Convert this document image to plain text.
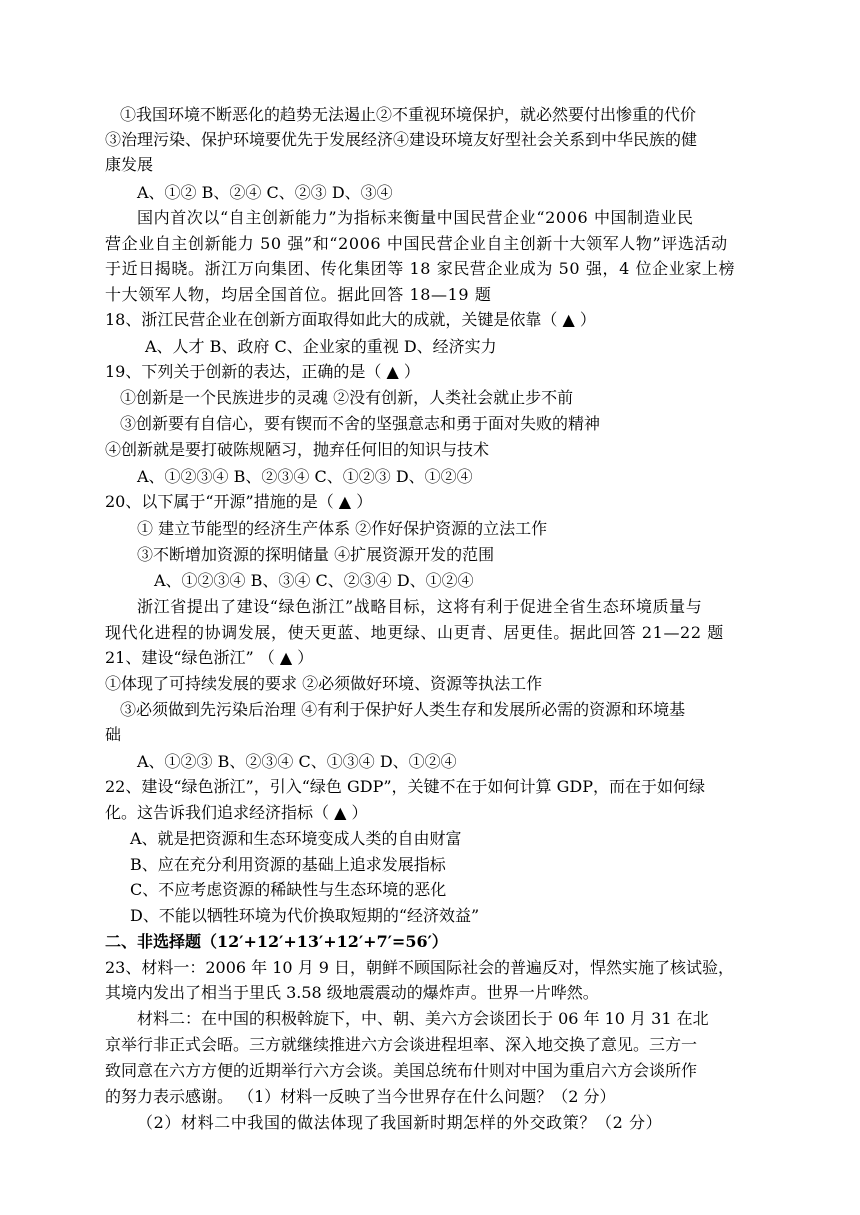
①我国环境不断恶化的趋势无法遏止②不重视环境保护，就必然要付出惨重的代价
③治理污染、保护环境要优先于发展经济④建设环境友好型社会关系到中华民族的健
康发展
A、①② B、②④ C、②③ D、③④
国内首次以“自主创新能力”为指标来衡量中国民营企业“2006 中国制造业民
营企业自主创新能力 50 强”和“2006 中国民营企业自主创新十大领军人物”评选活动
于近日揭晓。浙江万向集团、传化集团等 18 家民营企业成为 50 强，4 位企业家上榜
十大领军人物，均居全国首位。据此回答 18—19 题
18、浙江民营企业在创新方面取得如此大的成就，关键是依靠（ ▲ ）
A、人才 B、政府 C、企业家的重视 D、经济实力
19、下列关于创新的表达，正确的是（ ▲ ）
①创新是一个民族进步的灵魂 ②没有创新，人类社会就止步不前
③创新要有自信心，要有锲而不舍的坚强意志和勇于面对失败的精神
④创新就是要打破陈规陋习，抛弃任何旧的知识与技术
A、①②③④ B、②③④ C、①②③ D、①②④
20、以下属于“开源”措施的是（ ▲ ）
① 建立节能型的经济生产体系 ②作好保护资源的立法工作
③不断增加资源的探明储量 ④扩展资源开发的范围
A、①②③④ B、③④ C、②③④ D、①②④
浙江省提出了建设“绿色浙江”战略目标，这将有利于促进全省生态环境质量与
现代化进程的协调发展，使天更蓝、地更绿、山更青、居更佳。据此回答 21—22 题
21、建设“绿色浙江” （ ▲ ）
①体现了可持续发展的要求 ②必须做好环境、资源等执法工作
③必须做到先污染后治理 ④有利于保护好人类生存和发展所必需的资源和环境基
础
A、①②③ B、②③④ C、①③④ D、①②④
22、建设“绿色浙江”，引入“绿色 GDP”，关键不在于如何计算 GDP，而在于如何绿
化。这告诉我们追求经济指标（ ▲ ）
A、就是把资源和生态环境变成人类的自由财富
B、应在充分利用资源的基础上追求发展指标
C、不应考虑资源的稀缺性与生态环境的恶化
D、不能以牺牲环境为代价换取短期的“经济效益”
二、非选择题（12′+12′+13′+12′+7′=56′）
23、材料一：2006 年 10 月 9 日，朝鲜不顾国际社会的普遍反对，悍然实施了核试验，
其境内发出了相当于里氏 3.58 级地震震动的爆炸声。世界一片哗然。
材料二：在中国的积极斡旋下，中、朝、美六方会谈团长于 06 年 10 月 31 在北
京举行非正式会晤。三方就继续推进六方会谈进程坦率、深入地交换了意见。三方一
致同意在六方方便的近期举行六方会谈。美国总统布什则对中国为重启六方会谈所作
的努力表示感谢。 （1）材料一反映了当今世界存在什么问题？（2 分）
（2）材料二中我国的做法体现了我国新时期怎样的外交政策？（2 分）
